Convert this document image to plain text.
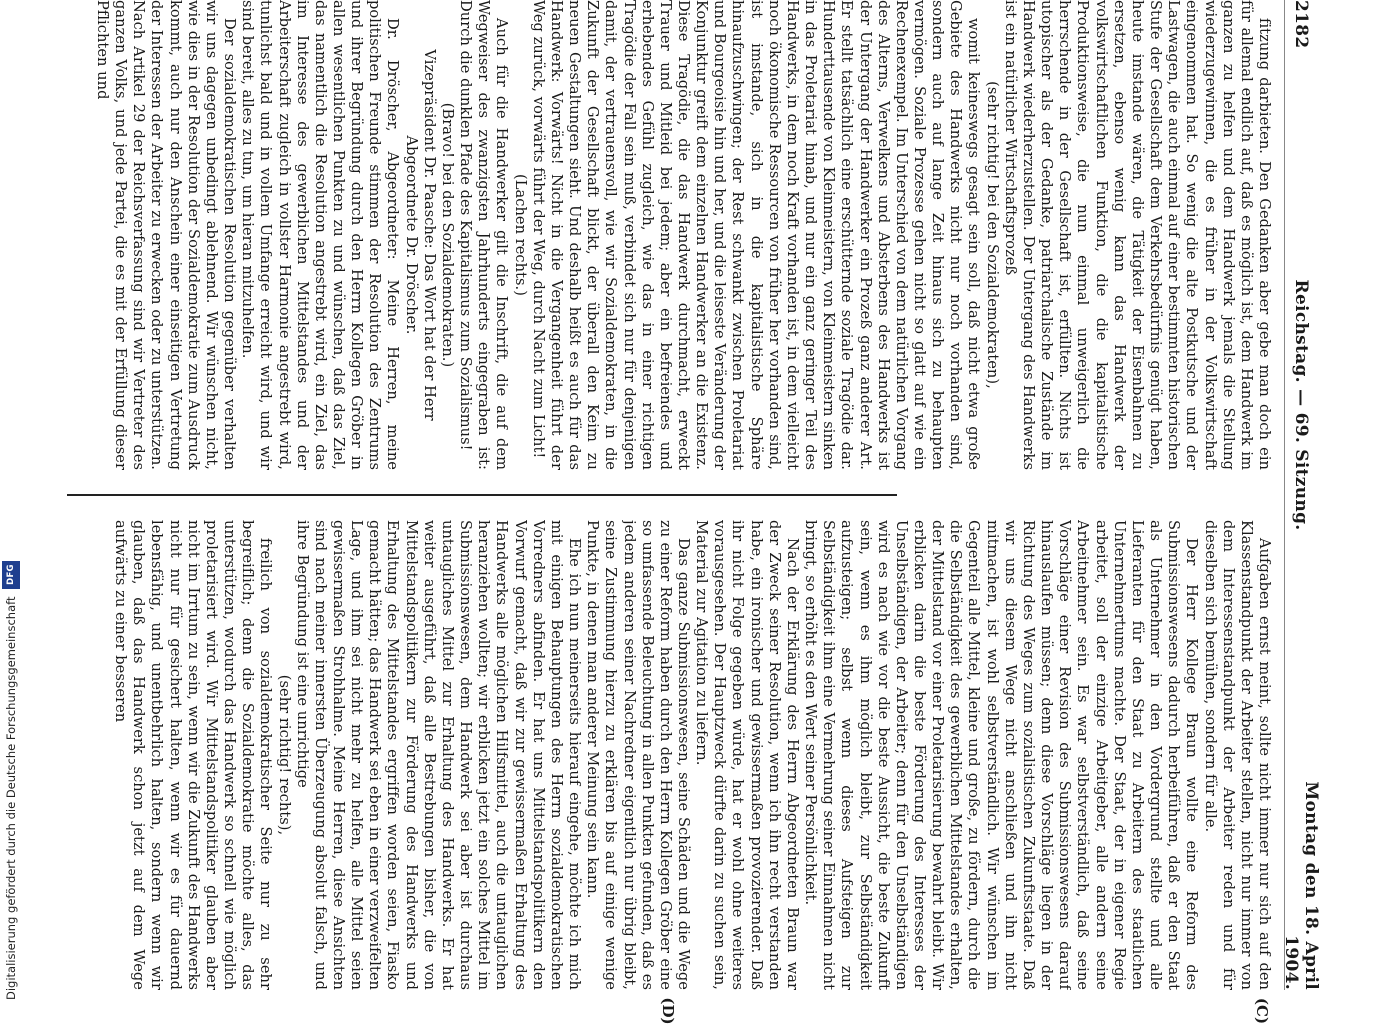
2182
Reichstag. — 69. Sitzung.
Montag den 18. April 1904.
(C)
(D)

fitzung darbieten. Den Gedanken aber gebe man doch ein für allemal endlich auf, daß es möglich ist, dem Handwerk im ganzen zu helfen und dem Handwerk jemals die Stellung wiederzugewinnen, die es früher in der Volkswirtschaft eingenommen hat. So wenig die alte Postkutsche und der Lastwagen, die auch einmal auf einer bestimmten historischen Stufe der Gesellschaft dem Verkehrsbedürfnis genügt haben, heute imstande wären, die Tätigkeit der Eisenbahnen zu ersetzen, ebenso wenig kann das Handwerk der volkswirtschaftlichen Funktion, die die kapitalistische Produktionsweise, die nun einmal unweigerlich die herrschende in der Gesellschaft ist, erfüllten. Nichts ist utopischer als der Gedanke, patriarchalische Zustände im Handwerk wiederherzustellen. Der Untergang des Handwerks ist ein natürlicher Wirtschaftsprozeß

(sehr richtig! bei den Sozialdemokraten),

womit keineswegs gesagt sein soll, daß nicht etwa große Gebiete des Handwerks nicht nur noch vorhanden sind, sondern auch auf lange Zeit hinaus sich zu behaupten vermögen. Soziale Prozesse gehen nicht so glatt auf wie ein Rechenexempel. Im Unterschied von dem natürlichen Vorgang des Alterns, Verwelkens und Absterbens des Handwerks ist der Untergang der Handwerker ein Prozeß ganz anderer Art. Er stellt tatsächlich eine erschütternde soziale Tragödie dar. Hunderttausende von Kleinmeistern, von Kleinmeistern sinken in das Proletariat hinab, und nur ein ganz geringer Teil des Handwerks, in dem noch Kraft vorhanden ist, in dem vielleicht noch ökonomische Ressourcen von früher her vorhanden sind, ist imstande, sich in die kapitalistische Sphäre hinaufzuschwingen; der Rest schwankt zwischen Proletariat und Bourgeoisie hin und her, und die leiseste Veränderung der Konjunktur greift dem einzelnen Handwerker an die Existenz. Diese Tragödie, die das Handwerk durchmacht, erweckt Trauer und Mitleid bei jedem; aber ein befreiendes und erhebendes Gefühl zugleich, wie das in einer richtigen Tragödie der Fall sein muß, verbindet sich nur für denjenigen damit, der vertrauensvoll, wie wir Sozialdemokraten, in die Zukunft der Gesellschaft blickt, der überall den Keim zu neuen Gestaltungen sieht. Und deshalb heißt es auch für das Handwerk: Vorwärts! Nicht in die Vergangenheit führt der Weg zurück, vorwärts führt der Weg, durch Nacht zum Licht!

(Lachen rechts.)

Auch für die Handwerker gilt die Inschrift, die auf dem Wegweiser des zwanzigsten Jahrhunderts eingegraben ist: Durch die dunklen Pfade des Kapitalismus zum Sozialismus!

(Bravo! bei den Sozialdemokraten.)

Vizepräsident Dr. Paasche: Das Wort hat der Herr Abgeordnete Dr. Dröscher.

Dr. Dröscher, Abgeordneter: Meine Herren, meine politischen Freunde stimmen der Resolution des Zentrums und ihrer Begründung durch den Herrn Kollegen Gröber in allen wesentlichen Punkten zu und wünschen, daß das Ziel, das namentlich die Resolution angestrebt wird, ein Ziel, das im Interesse des gewerblichen Mittelstandes und der Arbeiterschaft zugleich in vollster Harmonie angestrebt wird, tunlichst bald und in vollem Umfange erreicht wird, und wir sind bereit, alles zu tun, um hieran mitzuhelfen.

Der sozialdemokratischen Resolution gegenüber verhalten wir uns dagegen unbedingt ablehnend. Wir wünschen nicht, wie dies in der Resolution der Sozialdemokratie zum Ausdruck kommt, auch nur den Anschein einer einseitigen Vertretung der Interessen der Arbeiter zu erwecken oder zu unterstützen. Nach Artikel 29 der Reichsverfassung sind wir Vertreter des ganzen Volks, und jede Partei, die es mit der Erfüllung dieser Pflichten und

Aufgaben ernst meint, sollte nicht immer nur sich auf den Klassenstandpunkt der Arbeiter stellen, nicht nur immer von dem Interessenstandpunkt der Arbeiter reden und für dieselben sich bemühen, sondern für alle.

Der Herr Kollege Braun wollte eine Reform des Submissionswesens dadurch herbeiführen, daß er den Staat als Unternehmer in den Vordergrund stellte und alle Lieferanten für den Staat zu Arbeitern des staatlichen Unternehmertums machte. Der Staat, der in eigener Regie arbeitet, soll der einzige Arbeitgeber, alle andern seine Arbeitnehmer sein. Es war selbstverständlich, daß seine Vorschläge einer Revision des Submissionswesens darauf hinauslaufen müssen; denn diese Vorschläge liegen in der Richtung des Weges zum sozialistischen Zukunftsstaate. Daß wir uns diesem Wege nicht anschließen und ihn nicht mitmachen, ist wohl selbstverständlich. Wir wünschen im Gegenteil alle Mittel, kleine und große, zu fördern, durch die die Selbständigkeit des gewerblichen Mittelstandes erhalten, der Mittelstand vor einer Proletarisierung bewahrt bleibt. Wir erblicken darin die beste Förderung des Interesses der Unselbständigen, der Arbeiter; denn für den Unselbständigen wird es nach wie vor die beste Aussicht, die beste Zukunft sein, wenn es ihm möglich bleibt, zur Selbständigkeit aufzusteigen; selbst wenn dieses Aufsteigen zur Selbständigkeit ihm eine Vermehrung seiner Einnahmen nicht bringt, so erhöht es den Wert seiner Persönlichkeit.

Nach der Erklärung des Herrn Abgeordneten Braun war der Zweck seiner Resolution, wenn ich ihn recht verstanden habe, ein ironischer und gewissermaßen provozierender. Daß ihr nicht Folge gegeben würde, hat er wohl ohne weiteres vorausgesehen. Der Hauptzweck dürfte darin zu suchen sein, Material zur Agitation zu liefern.

Das ganze Submissionswesen, seine Schäden und die Wege zu einer Reform haben durch den Herrn Kollegen Gröber eine so umfassende Beleuchtung in allen Punkten gefunden, daß es jedem anderen seiner Nachredner eigentlich nur übrig bleibt, seine Zustimmung hierzu zu erklären bis auf einige wenige Punkte, in denen man anderer Meinung sein kann.

Ehe ich nun meinerseits hierauf eingehe, möchte ich mich mit einigen Behauptungen des Herrn sozialdemokratischen Vorredners abfinden. Er hat uns Mittelstandspolitikern den Vorwurf gemacht, daß wir zur gewissermaßen Erhaltung des Handwerks alle möglichen Hilfsmittel, auch die untauglichen heranziehen wollten; wir erblicken jetzt ein solches Mittel im Submissionswesen, dem Handwerk sei aber ist durchaus untaugliches Mittel zur Erhaltung des Handwerks. Er hat weiter ausgeführt, daß alle Bestrebungen bisher, die von Mittelstandspolitikern zur Förderung des Handwerks und Erhaltung des Mittelstandes ergriffen worden seien, Fiasko gemacht hätten; das Handwerk sei eben in einer verzweifelten Lage, und ihm sei nicht mehr zu helfen, alle Mittel seien gewissermaßen Strohhalme. Meine Herren, diese Ansichten sind nach meiner innersten Überzeugung absolut falsch, und ihre Begründung ist eine unrichtige

(sehr richtig! rechts),

freilich von sozialdemokratischer Seite nur zu sehr begreiflich; denn die Sozialdemokratie möchte alles, das unterstützen, wodurch das Handwerk so schnell wie möglich proletarisiert wird. Wir Mittelstandspolitiker glauben aber nicht im Irrtum zu sein, wenn wir die Zukunft des Handwerks nicht nur für gesichert halten, wenn wir es für dauernd lebensfähig, und unentbehrlich halten, sondern wenn wir glauben, daß das Handwerk schon jetzt auf dem Wege aufwärts zu einer besseren

Digitalisierung gefördert durch die Deutsche Forschungsgemeinschaft
DFG
